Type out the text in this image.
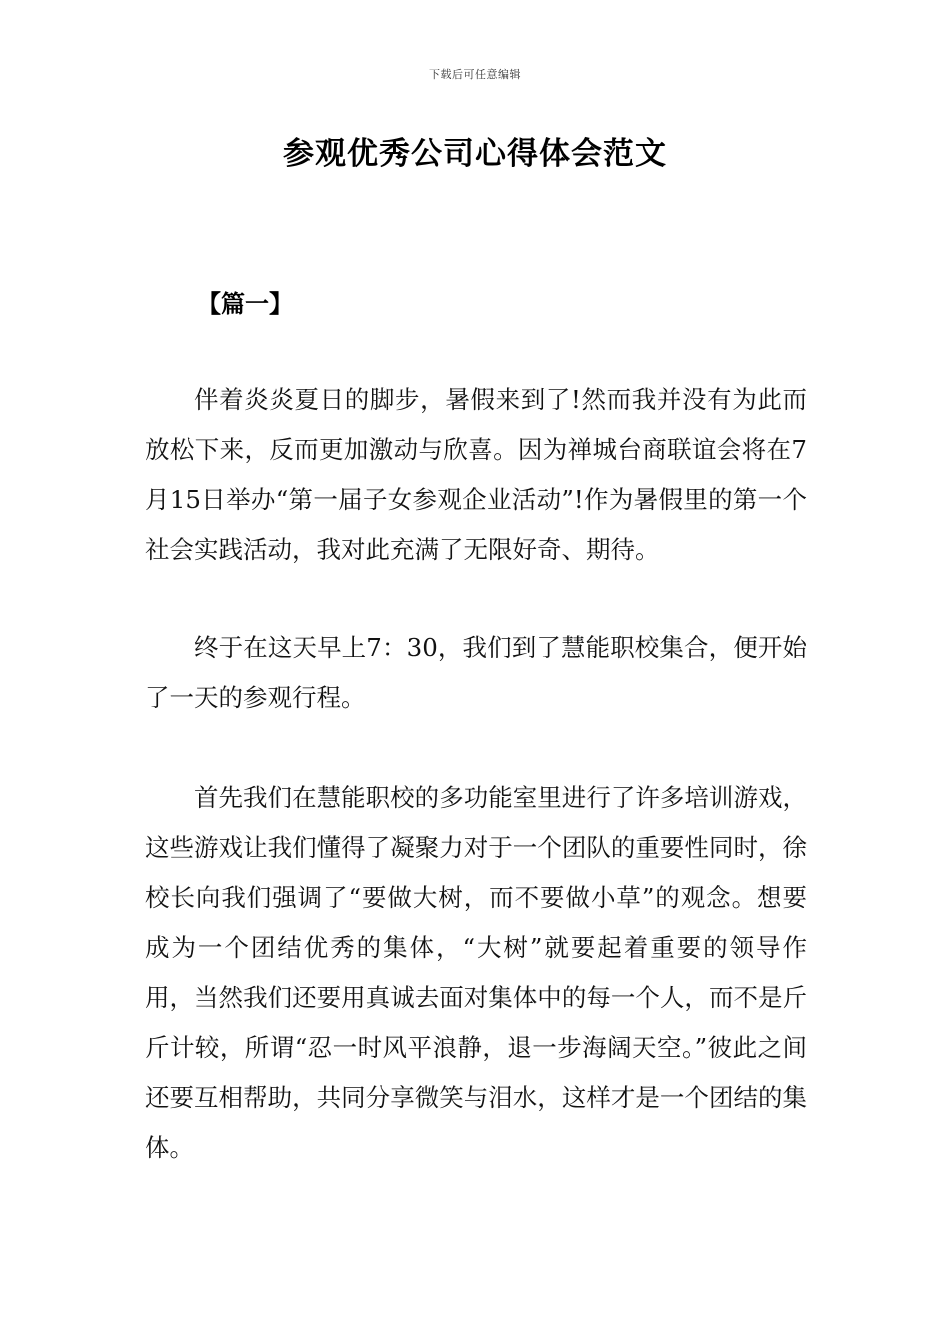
下载后可任意编辑
参观优秀公司心得体会范文
【篇一】

伴着炎炎夏日的脚步，暑假来到了!然而我并没有为此而放松下来，反而更加激动与欣喜。因为禅城台商联谊会将在7月15日举办“第一届子女参观企业活动”!作为暑假里的第一个社会实践活动，我对此充满了无限好奇、期待。

终于在这天早上7：30，我们到了慧能职校集合，便开始了一天的参观行程。

首先我们在慧能职校的多功能室里进行了许多培训游戏，这些游戏让我们懂得了凝聚力对于一个团队的重要性同时，徐校长向我们强调了“要做大树，而不要做小草”的观念。想要成为一个团结优秀的集体，“大树”就要起着重要的领导作用，当然我们还要用真诚去面对集体中的每一个人，而不是斤斤计较，所谓“忍一时风平浪静，退一步海阔天空。”彼此之间还要互相帮助，共同分享微笑与泪水，这样才是一个团结的集体。
